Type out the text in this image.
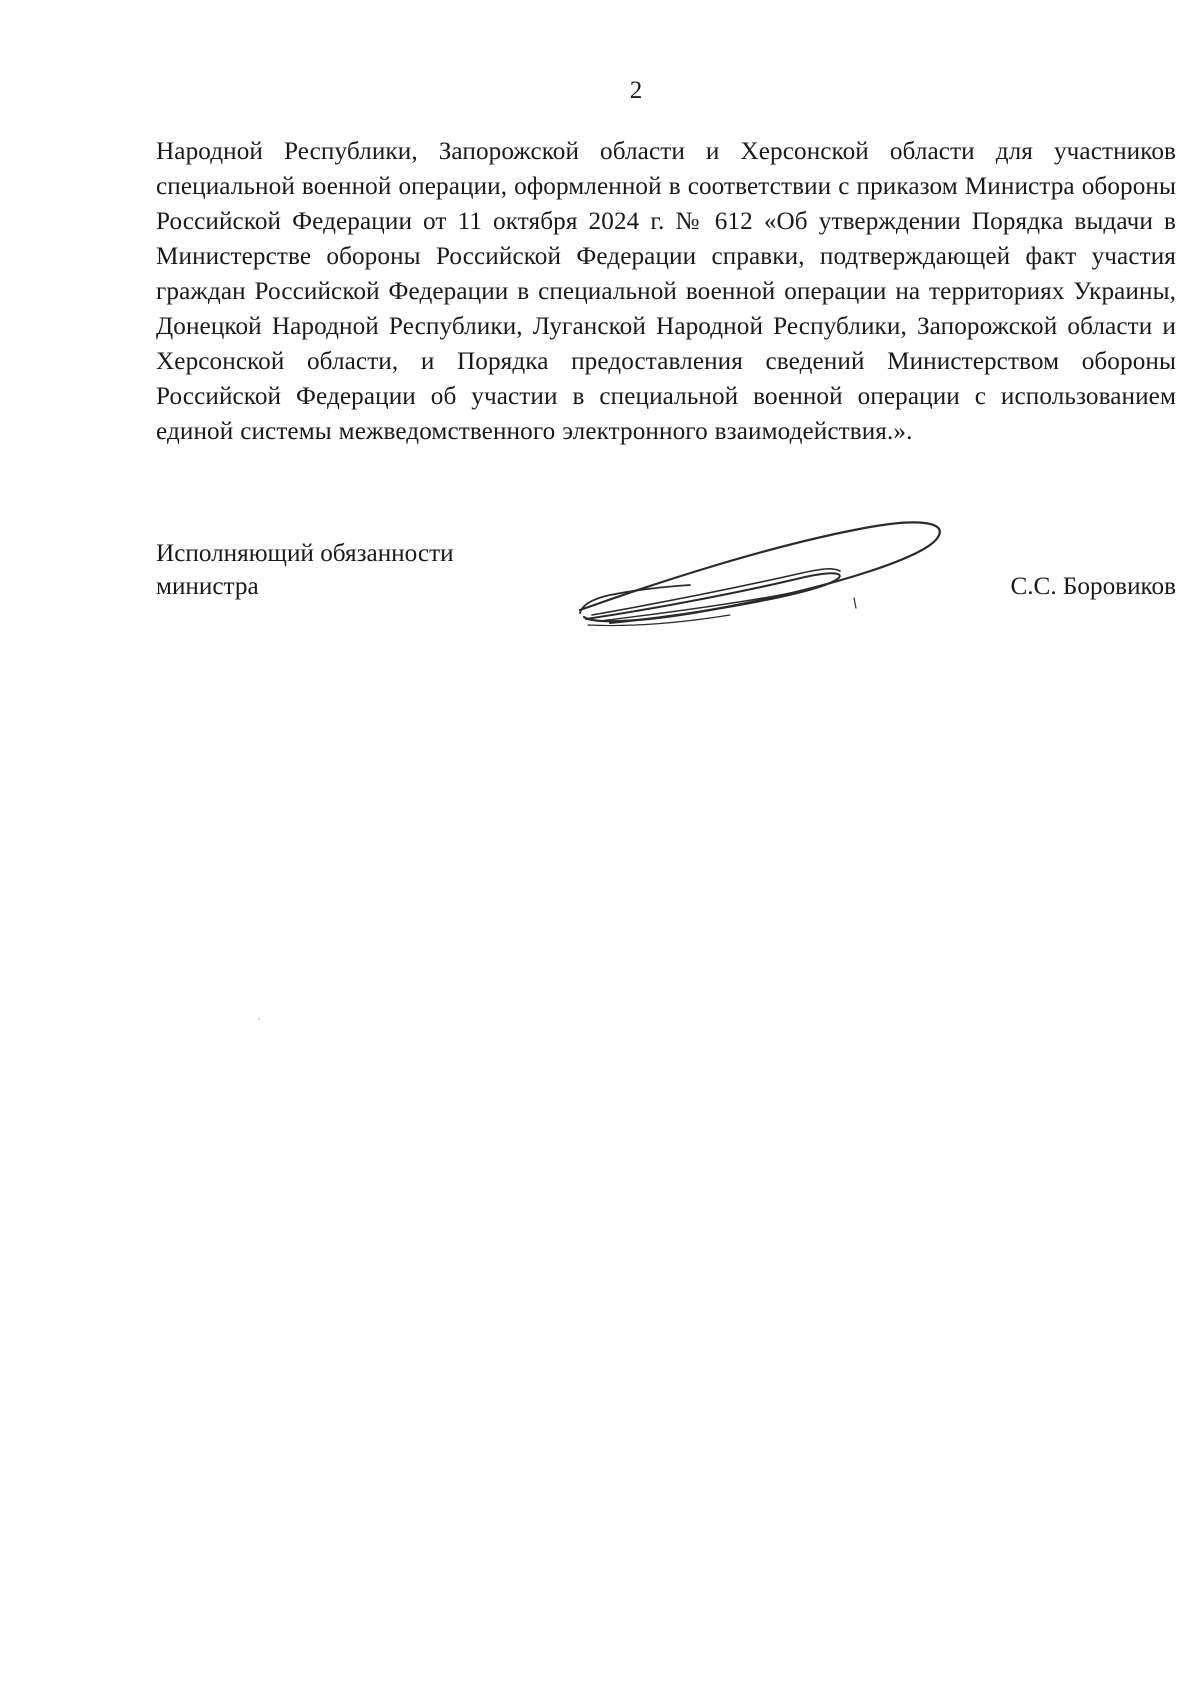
2

Народной Республики, Запорожской области и Херсонской области для участников специальной военной операции, оформленной в соответствии с приказом Министра обороны Российской Федерации от 11 октября 2024 г. № 612 «Об утверждении Порядка выдачи в Министерстве обороны Российской Федерации справки, подтверждающей факт участия граждан Российской Федерации в специальной военной операции на территориях Украины, Донецкой Народной Республики, Луганской Народной Республики, Запорожской области и Херсонской области, и Порядка предоставления сведений Министерством обороны Российской Федерации об участии в специальной военной операции с использованием единой системы межведомственного электронного взаимодействия.».

Исполняющий обязанности
министра	С.С. Боровиков
